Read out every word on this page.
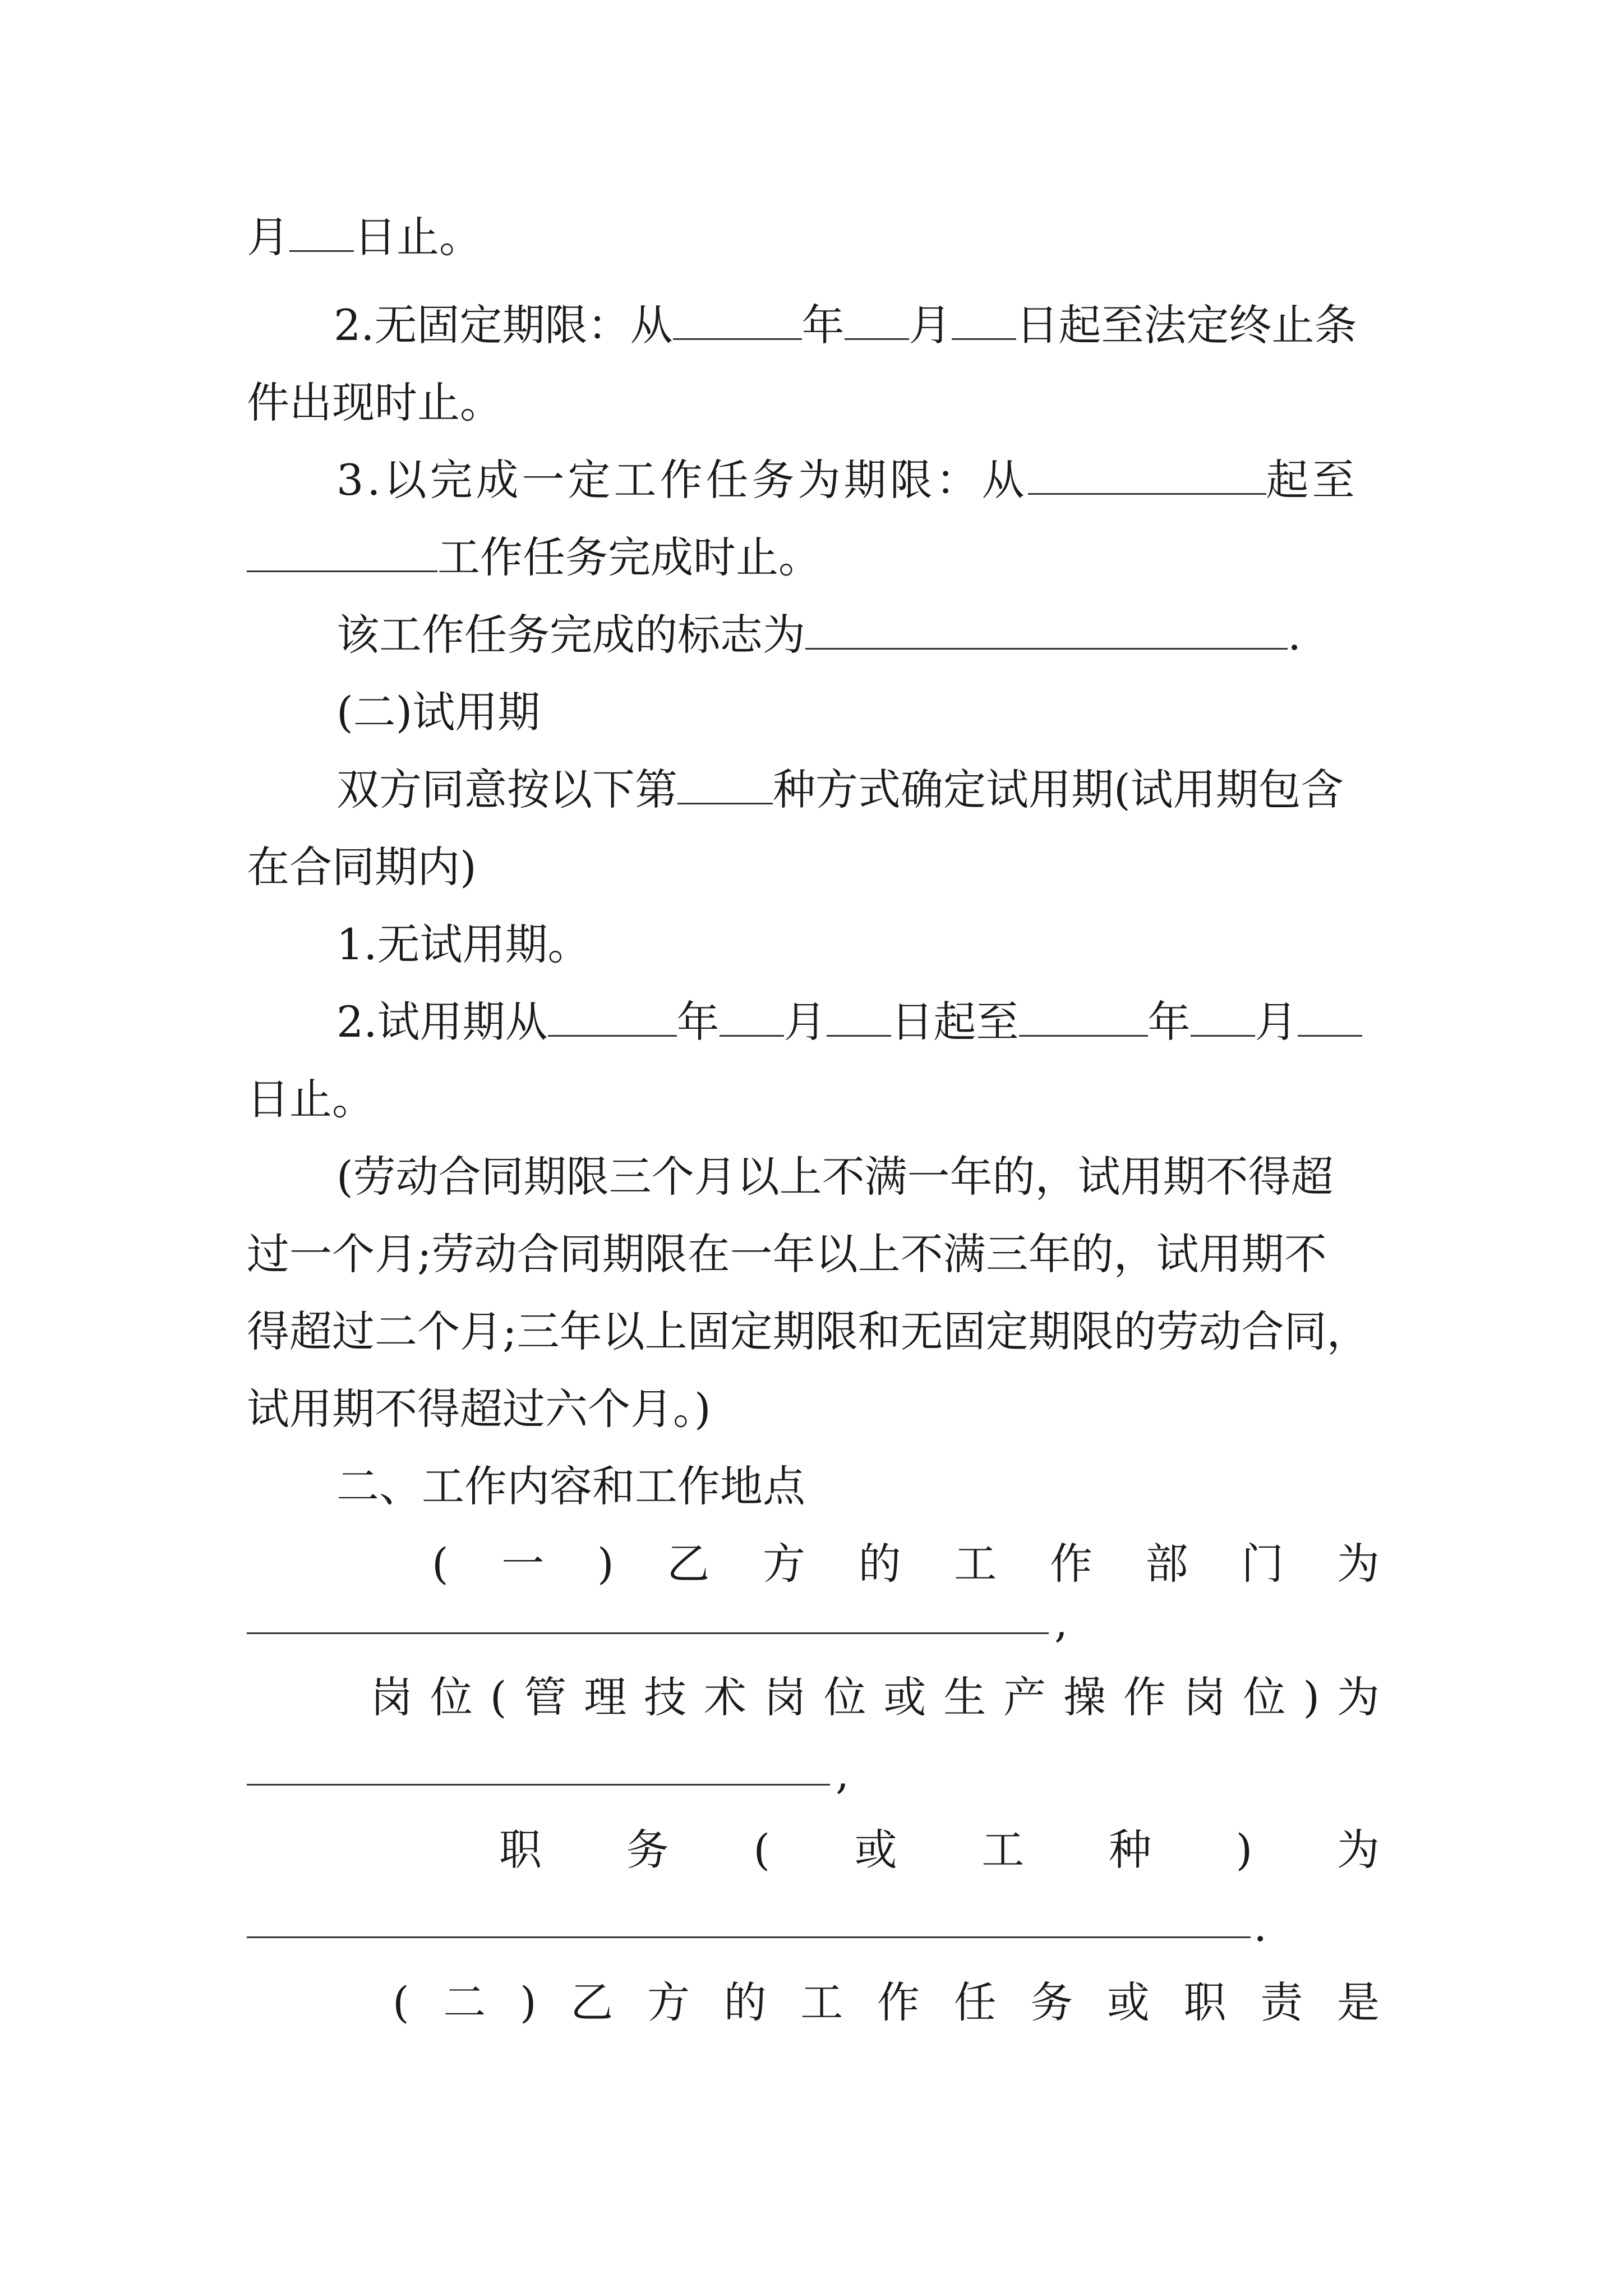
月 日止。
2.无固定期限：从	年 月 日起至法定终止条
件出现时止。
3.以完成一定工作任务为期限：从	起至
工作任务完成时止。
该工作任务完成的标志为	.
(二)试用期
双方同意按以下第 种方式确定试用期(试用期包含
在合同期内)
1.无试用期。
2.试用期从	年 月 日起至	年 月
日止。
(劳动合同期限三个月以上不满一年的，试用期不得超
过一个月;劳动合同期限在一年以上不满三年的，试用期不
得超过二个月;三年以上固定期限和无固定期限的劳动合同，
试用期不得超过六个月。)
二、工作内容和工作地点
( 一 ) 乙 方 的 工 作 部 门 为
,
岗 位 ( 管 理 技 术 岗 位 或 生 产 操 作 岗 位 ) 为
,
职 务 ( 或 工 种 ) 为
.
( 二 ) 乙 方 的 工 作 任 务 或 职 责 是
